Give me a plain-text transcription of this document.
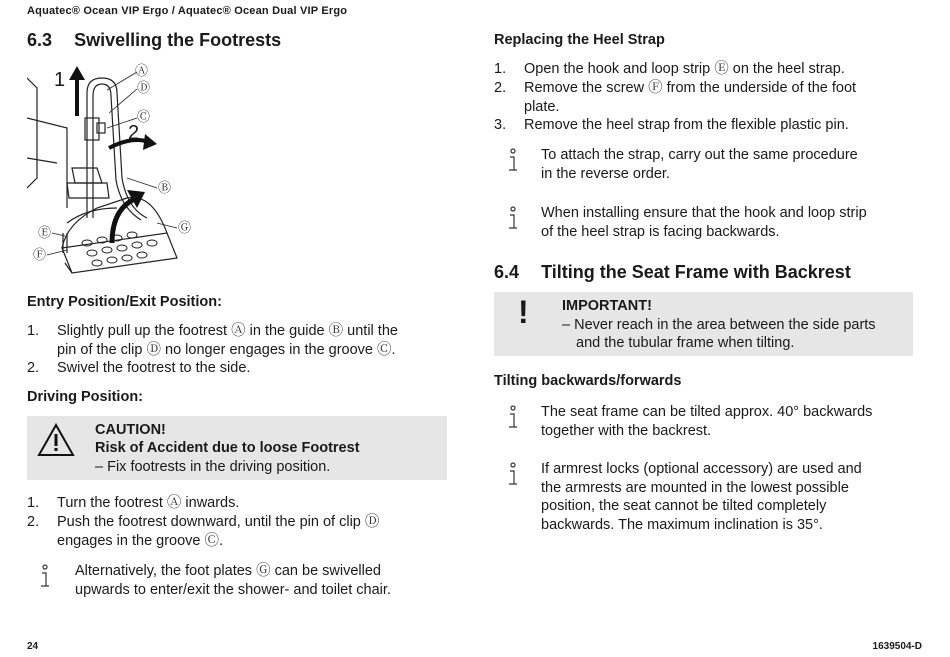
Aquatec® Ocean VIP Ergo / Aquatec® Ocean Dual VIP Ergo
6.3 Swivelling the Footrests
Ⓐ
Ⓓ
Ⓒ
Ⓑ
Ⓖ
Ⓔ
Ⓕ
1
2
Entry Position/Exit Position:
1. Slightly pull up the footrest Ⓐ in the guide Ⓑ until the
pin of the clip Ⓓ no longer engages in the groove Ⓒ.
2. Swivel the footrest to the side.
Driving Position:
CAUTION!
Risk of Accident due to loose Footrest
– Fix footrests in the driving position.
1. Turn the footrest Ⓐ inwards.
2. Push the footrest downward, until the pin of clip Ⓓ
engages in the groove Ⓒ.
Alternatively, the foot plates Ⓖ can be swivelled
upwards to enter/exit the shower- and toilet chair.
Replacing the Heel Strap
1. Open the hook and loop strip Ⓔ on the heel strap.
2. Remove the screw Ⓕ from the underside of the foot
plate.
3. Remove the heel strap from the flexible plastic pin.
To attach the strap, carry out the same procedure
in the reverse order.
When installing ensure that the hook and loop strip
of the heel strap is facing backwards.
6.4 Tilting the Seat Frame with Backrest
! IMPORTANT!
– Never reach in the area between the side parts
and the tubular frame when tilting.
Tilting backwards/forwards
The seat frame can be tilted approx. 40° backwards
together with the backrest.
If armrest locks (optional accessory) are used and
the armrests are mounted in the lowest possible
position, the seat cannot be tilted completely
backwards. The maximum inclination is 35°.
24	1639504-D
